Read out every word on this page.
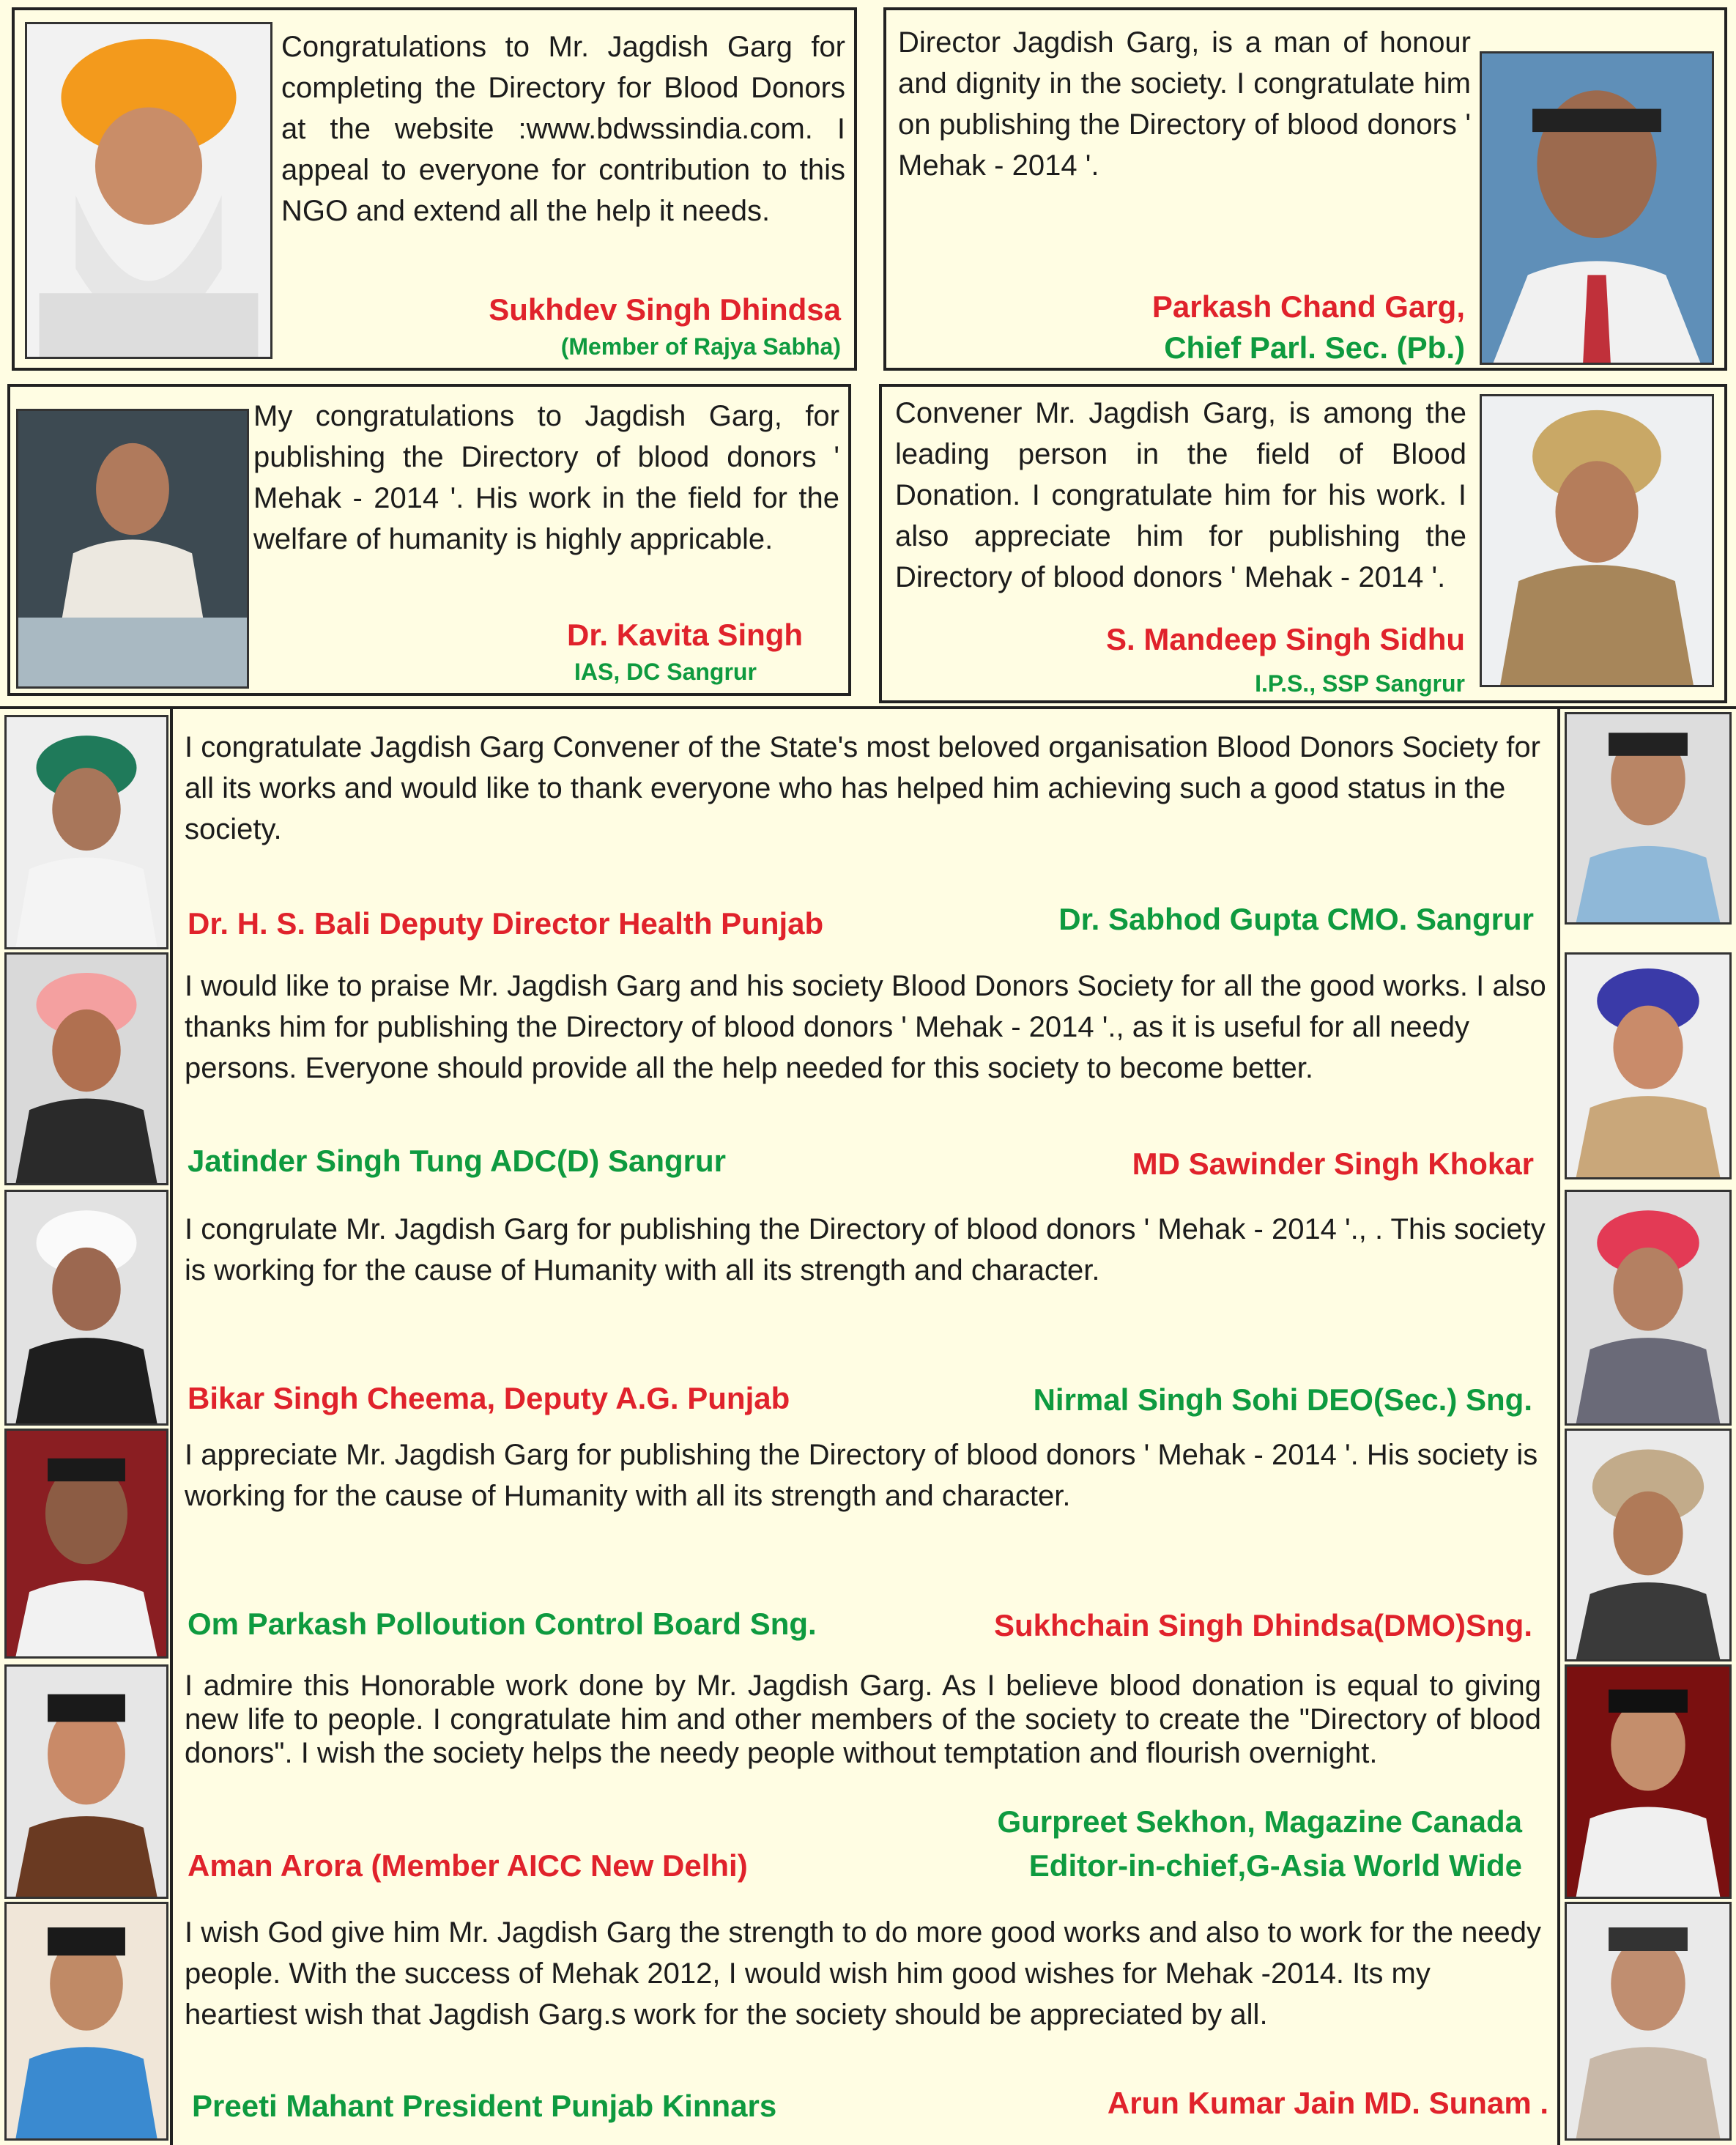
Congratulations to Mr. Jagdish Garg for completing the Directory for Blood Donors at the website :www.bdwssindia.com. I appeal to everyone for contribution to this NGO and extend all the help it needs.
Sukhdev Singh Dhindsa
(Member of Rajya Sabha)
Director Jagdish Garg, is a man of honour and dignity in the society. I congratulate him on publishing the Directory of blood donors ' Mehak - 2014 '.
Parkash Chand Garg,
Chief Parl. Sec. (Pb.)
My congratulations to Jagdish Garg, for publishing the Directory of blood donors ' Mehak - 2014 '. His work in the field for the welfare of humanity is highly appricable.
Dr. Kavita Singh
IAS, DC Sangrur
Convener Mr. Jagdish Garg, is among the leading person in the field of Blood Donation. I congratulate him for his work. I also appreciate him for publishing the Directory of blood donors ' Mehak - 2014 '.
S. Mandeep Singh Sidhu
I.P.S., SSP Sangrur
I congratulate Jagdish Garg Convener of the State's most beloved organisation Blood Donors Society for all its works and would like to thank everyone who has helped him achieving such a good status in the society.
Dr. H. S. Bali Deputy Director Health Punjab	Dr. Sabhod Gupta CMO. Sangrur
I would like to praise Mr. Jagdish Garg and his society Blood Donors Society for all the good works. I also thanks him for publishing the Directory of blood donors ' Mehak - 2014 '., as it is useful for all needy persons. Everyone should provide all the help needed for this society to become better.
Jatinder Singh Tung ADC(D) Sangrur	MD Sawinder Singh Khokar
I congrulate Mr. Jagdish Garg for publishing the Directory of blood donors ' Mehak - 2014 '., . This society is working for the cause of Humanity with all its strength and character.
Bikar Singh Cheema, Deputy A.G. Punjab	Nirmal Singh Sohi DEO(Sec.) Sng.
I appreciate Mr. Jagdish Garg for publishing the Directory of blood donors ' Mehak - 2014 '. His society is working for the cause of Humanity with all its strength and character.
Om Parkash Polloution Control Board Sng.	Sukhchain Singh Dhindsa(DMO)Sng.
I admire this Honorable work done by Mr. Jagdish Garg. As I believe blood donation is equal to giving new life to people. I congratulate him and other members of the society to create the "Directory of blood donors". I wish the society helps the needy people without temptation and flourish overnight.
Gurpreet Sekhon, Magazine Canada
Aman Arora (Member AICC New Delhi)	Editor-in-chief,G-Asia World Wide
I wish God give him Mr. Jagdish Garg the strength to do more good works and also to work for the needy people. With the success of Mehak 2012, I would wish him good wishes for Mehak -2014. Its my heartiest wish that Jagdish Garg.s work for the society should be appreciated by all.
Preeti Mahant President Punjab Kinnars	Arun Kumar Jain MD. Sunam .
